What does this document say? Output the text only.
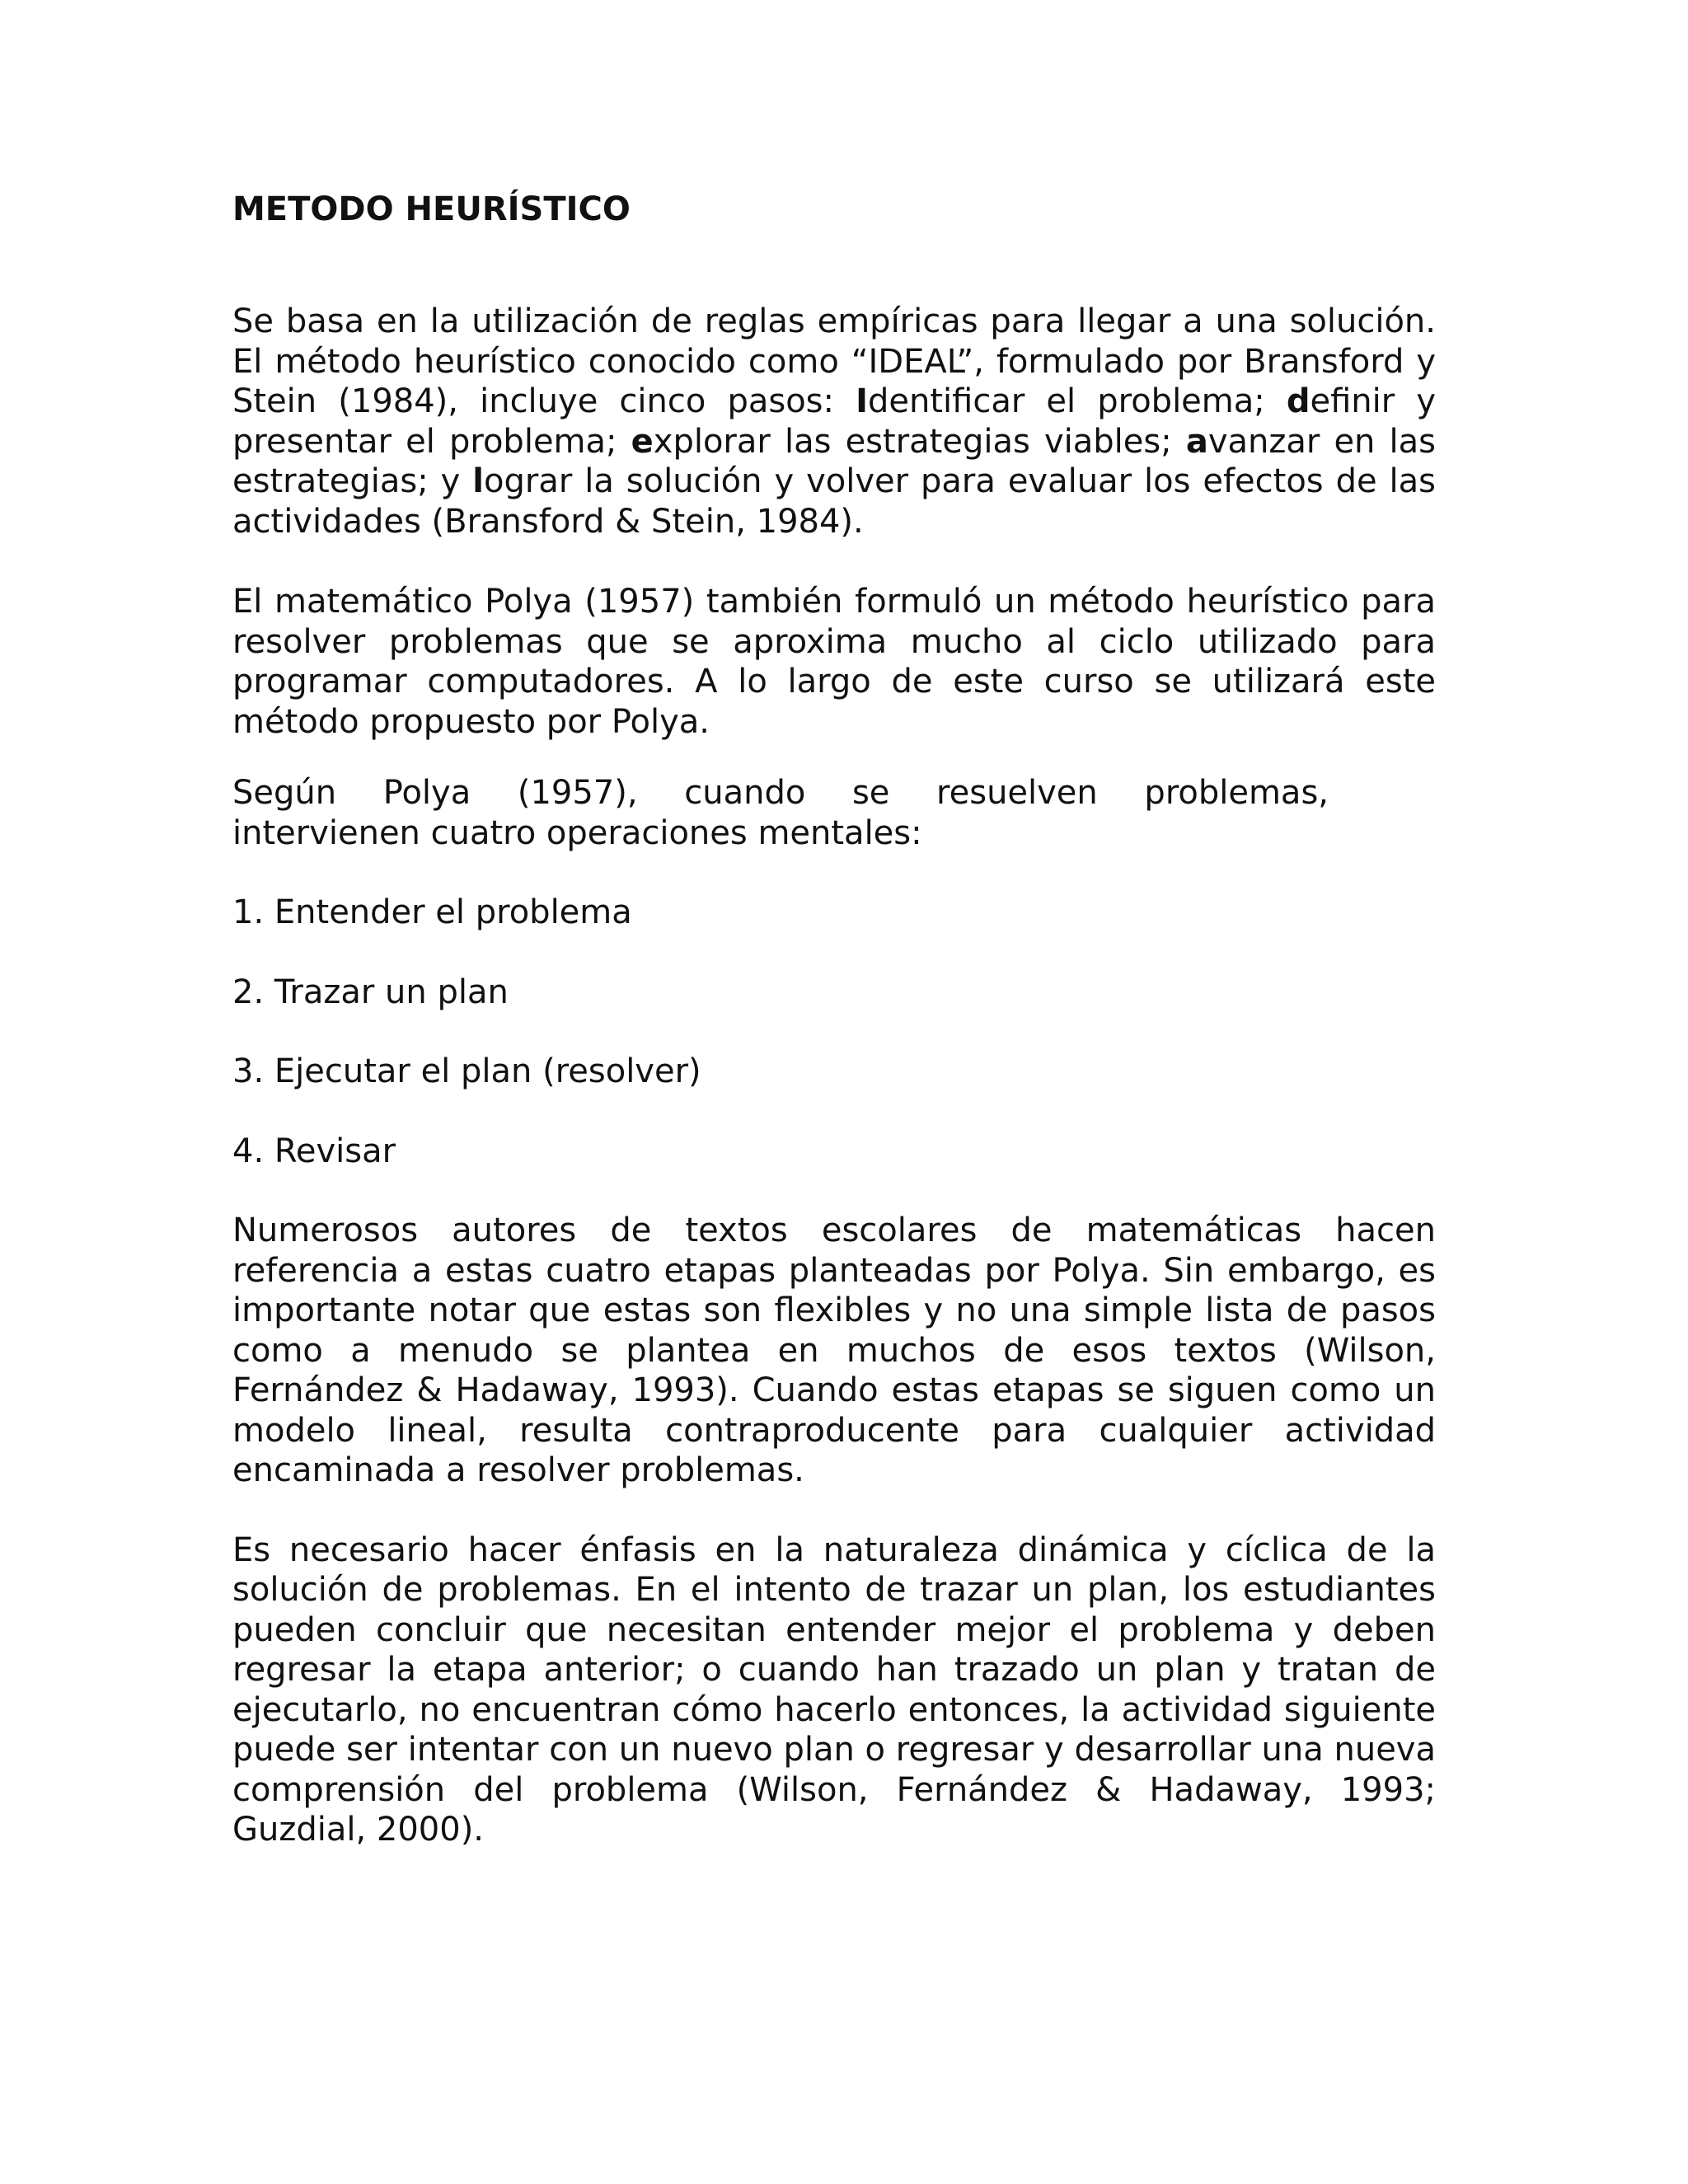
METODO HEURÍSTICO

Se basa en la utilización de reglas empíricas para llegar a una solución. El método heurístico conocido como “IDEAL”, formulado por Bransford y Stein (1984), incluye cinco pasos: Identificar el problema; definir y presentar el problema; explorar las estrategias viables; avanzar en las estrategias; y lograr la solución y volver para evaluar los efectos de las actividades (Bransford & Stein, 1984).

El matemático Polya (1957) también formuló un método heurístico para resolver problemas que se aproxima mucho al ciclo utilizado para programar computadores. A lo largo de este curso se utilizará este método propuesto por Polya.

Según Polya (1957), cuando se resuelven problemas,

intervienen cuatro operaciones mentales:

1. Entender el problema

2. Trazar un plan

3. Ejecutar el plan (resolver)

4. Revisar

Numerosos autores de textos escolares de matemáticas hacen referencia a estas cuatro etapas planteadas por Polya. Sin embargo, es importante notar que estas son flexibles y no una simple lista de pasos como a menudo se plantea en muchos de esos textos (Wilson, Fernández & Hadaway, 1993). Cuando estas etapas se siguen como un modelo lineal, resulta contraproducente para cualquier actividad encaminada a resolver problemas.

Es necesario hacer énfasis en la naturaleza dinámica y cíclica de la solución de problemas. En el intento de trazar un plan, los estudiantes pueden concluir que necesitan entender mejor el problema y deben regresar la etapa anterior; o cuando han trazado un plan y tratan de ejecutarlo, no encuentran cómo hacerlo entonces, la actividad siguiente puede ser intentar con un nuevo plan o regresar y desarrollar una nueva comprensión del problema (Wilson, Fernández & Hadaway, 1993; Guzdial, 2000).
